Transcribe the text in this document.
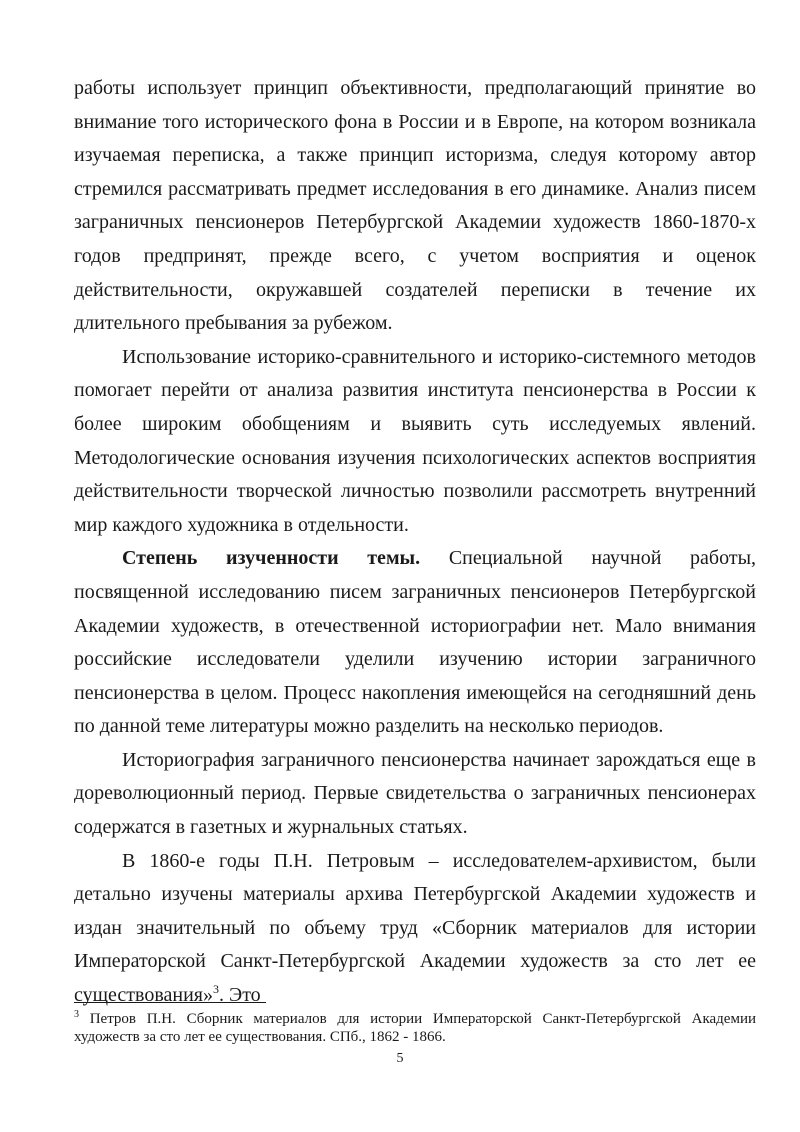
работы использует принцип объективности, предполагающий принятие во внимание того исторического фона в России и в Европе, на котором возникала изучаемая переписка, а также принцип историзма, следуя которому автор стремился рассматривать предмет исследования в его динамике. Анализ писем заграничных пенсионеров Петербургской Академии художеств 1860-1870-х годов предпринят, прежде всего, с учетом восприятия и оценок действительности, окружавшей создателей переписки в течение их длительного пребывания за рубежом.

Использование историко-сравнительного и историко-системного методов помогает перейти от анализа развития института пенсионерства в России к более широким обобщениям и выявить суть исследуемых явлений. Методологические основания изучения психологических аспектов восприятия действительности творческой личностью позволили рассмотреть внутренний мир каждого художника в отдельности.

Степень изученности темы. Специальной научной работы, посвященной исследованию писем заграничных пенсионеров Петербургской Академии художеств, в отечественной историографии нет. Мало внимания российские исследователи уделили изучению истории заграничного пенсионерства в целом. Процесс накопления имеющейся на сегодняшний день по данной теме литературы можно разделить на несколько периодов.

Историография заграничного пенсионерства начинает зарождаться еще в дореволюционный период. Первые свидетельства о заграничных пенсионерах содержатся в газетных и журнальных статьях.

В 1860-е годы П.Н. Петровым – исследователем-архивистом, были детально изучены материалы архива Петербургской Академии художеств и издан значительный по объему труд «Сборник материалов для истории Императорской Санкт-Петербургской Академии художеств за сто лет ее существования»$^3$. Это

$^3$ Петров П.Н. Сборник материалов для истории Императорской Санкт-Петербургской Академии художеств за сто лет ее существования. СПб., 1862 - 1866.
5
